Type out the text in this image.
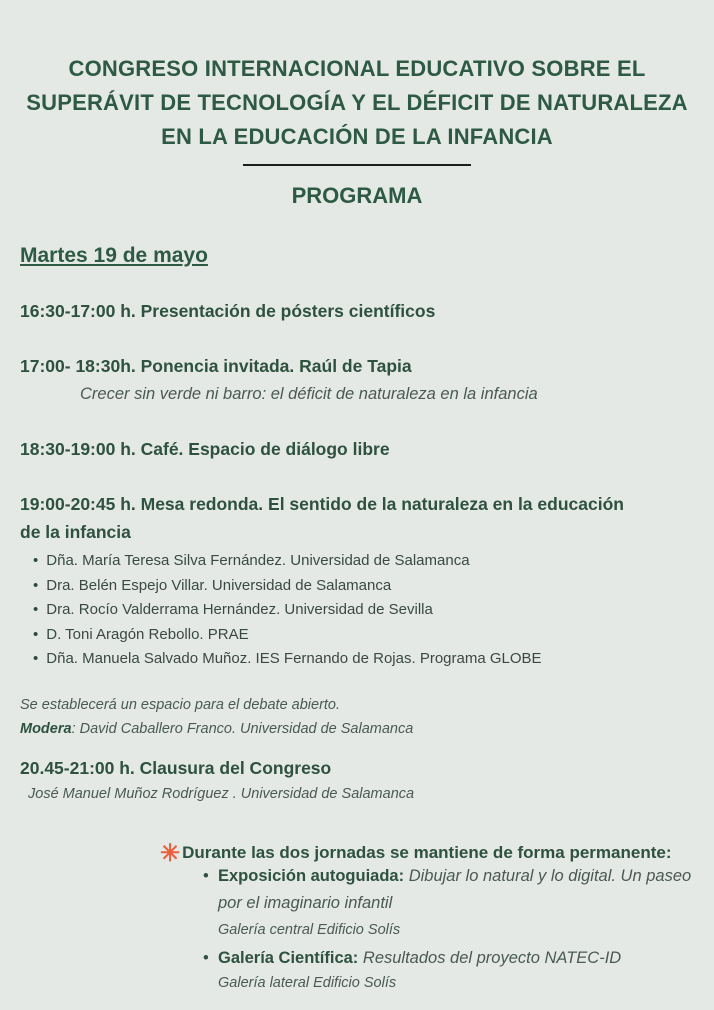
CONGRESO INTERNACIONAL EDUCATIVO SOBRE EL
SUPERÁVIT DE TECNOLOGÍA Y EL DÉFICIT DE NATURALEZA
EN LA EDUCACIÓN DE LA INFANCIA
PROGRAMA
Martes 19 de mayo
16:30-17:00 h. Presentación de pósters científicos
17:00- 18:30h. Ponencia invitada. Raúl de Tapia
Crecer sin verde ni barro: el déficit de naturaleza en la infancia
18:30-19:00 h. Café. Espacio de diálogo libre
19:00-20:45 h. Mesa redonda. El sentido de la naturaleza en la educación
de la infancia
• Dña. María Teresa Silva Fernández. Universidad de Salamanca
• Dra. Belén Espejo Villar. Universidad de Salamanca
• Dra. Rocío Valderrama Hernández. Universidad de Sevilla
• D. Toni Aragón Rebollo. PRAE
• Dña. Manuela Salvado Muñoz. IES Fernando de Rojas. Programa GLOBE
Se establecerá un espacio para el debate abierto.
Modera: David Caballero Franco. Universidad de Salamanca
20.45-21:00 h. Clausura del Congreso
José Manuel Muñoz Rodríguez . Universidad de Salamanca
✳ Durante las dos jornadas se mantiene de forma permanente:
• Exposición autoguiada: Dibujar lo natural y lo digital. Un paseo por el imaginario infantil
Galería central Edificio Solís
• Galería Científica: Resultados del proyecto NATEC-ID
Galería lateral Edificio Solís
